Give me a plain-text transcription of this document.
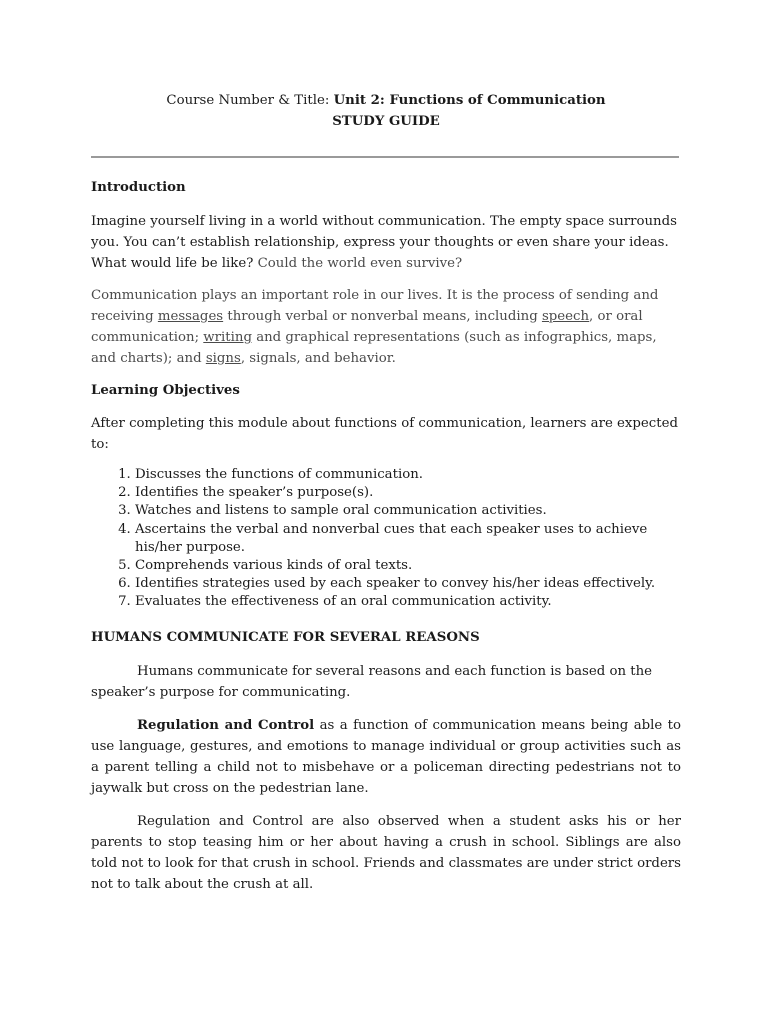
Course Number & Title: Unit 2: Functions of Communication
STUDY GUIDE
Introduction

Imagine yourself living in a world without communication. The empty space surrounds you. You can’t establish relationship, express your thoughts or even share your ideas. What would life be like? Could the world even survive?

Communication plays an important role in our lives. It is the process of sending and receiving messages through verbal or nonverbal means, including speech, or oral communication; writing and graphical representations (such as infographics, maps, and charts); and signs, signals, and behavior.

Learning Objectives

After completing this module about functions of communication, learners are expected to:

1. Discusses the functions of communication.
2. Identifies the speaker’s purpose(s).
3. Watches and listens to sample oral communication activities.
4. Ascertains the verbal and nonverbal cues that each speaker uses to achieve his/her purpose.
5. Comprehends various kinds of oral texts.
6. Identifies strategies used by each speaker to convey his/her ideas effectively.
7. Evaluates the effectiveness of an oral communication activity.
HUMANS COMMUNICATE FOR SEVERAL REASONS

Humans communicate for several reasons and each function is based on the speaker’s purpose for communicating.

Regulation and Control as a function of communication means being able to use language, gestures, and emotions to manage individual or group activities such as a parent telling a child not to misbehave or a policeman directing pedestrians not to jaywalk but cross on the pedestrian lane.

Regulation and Control are also observed when a student asks his or her parents to stop teasing him or her about having a crush in school. Siblings are also told not to look for that crush in school. Friends and classmates are under strict orders not to talk about the crush at all.
